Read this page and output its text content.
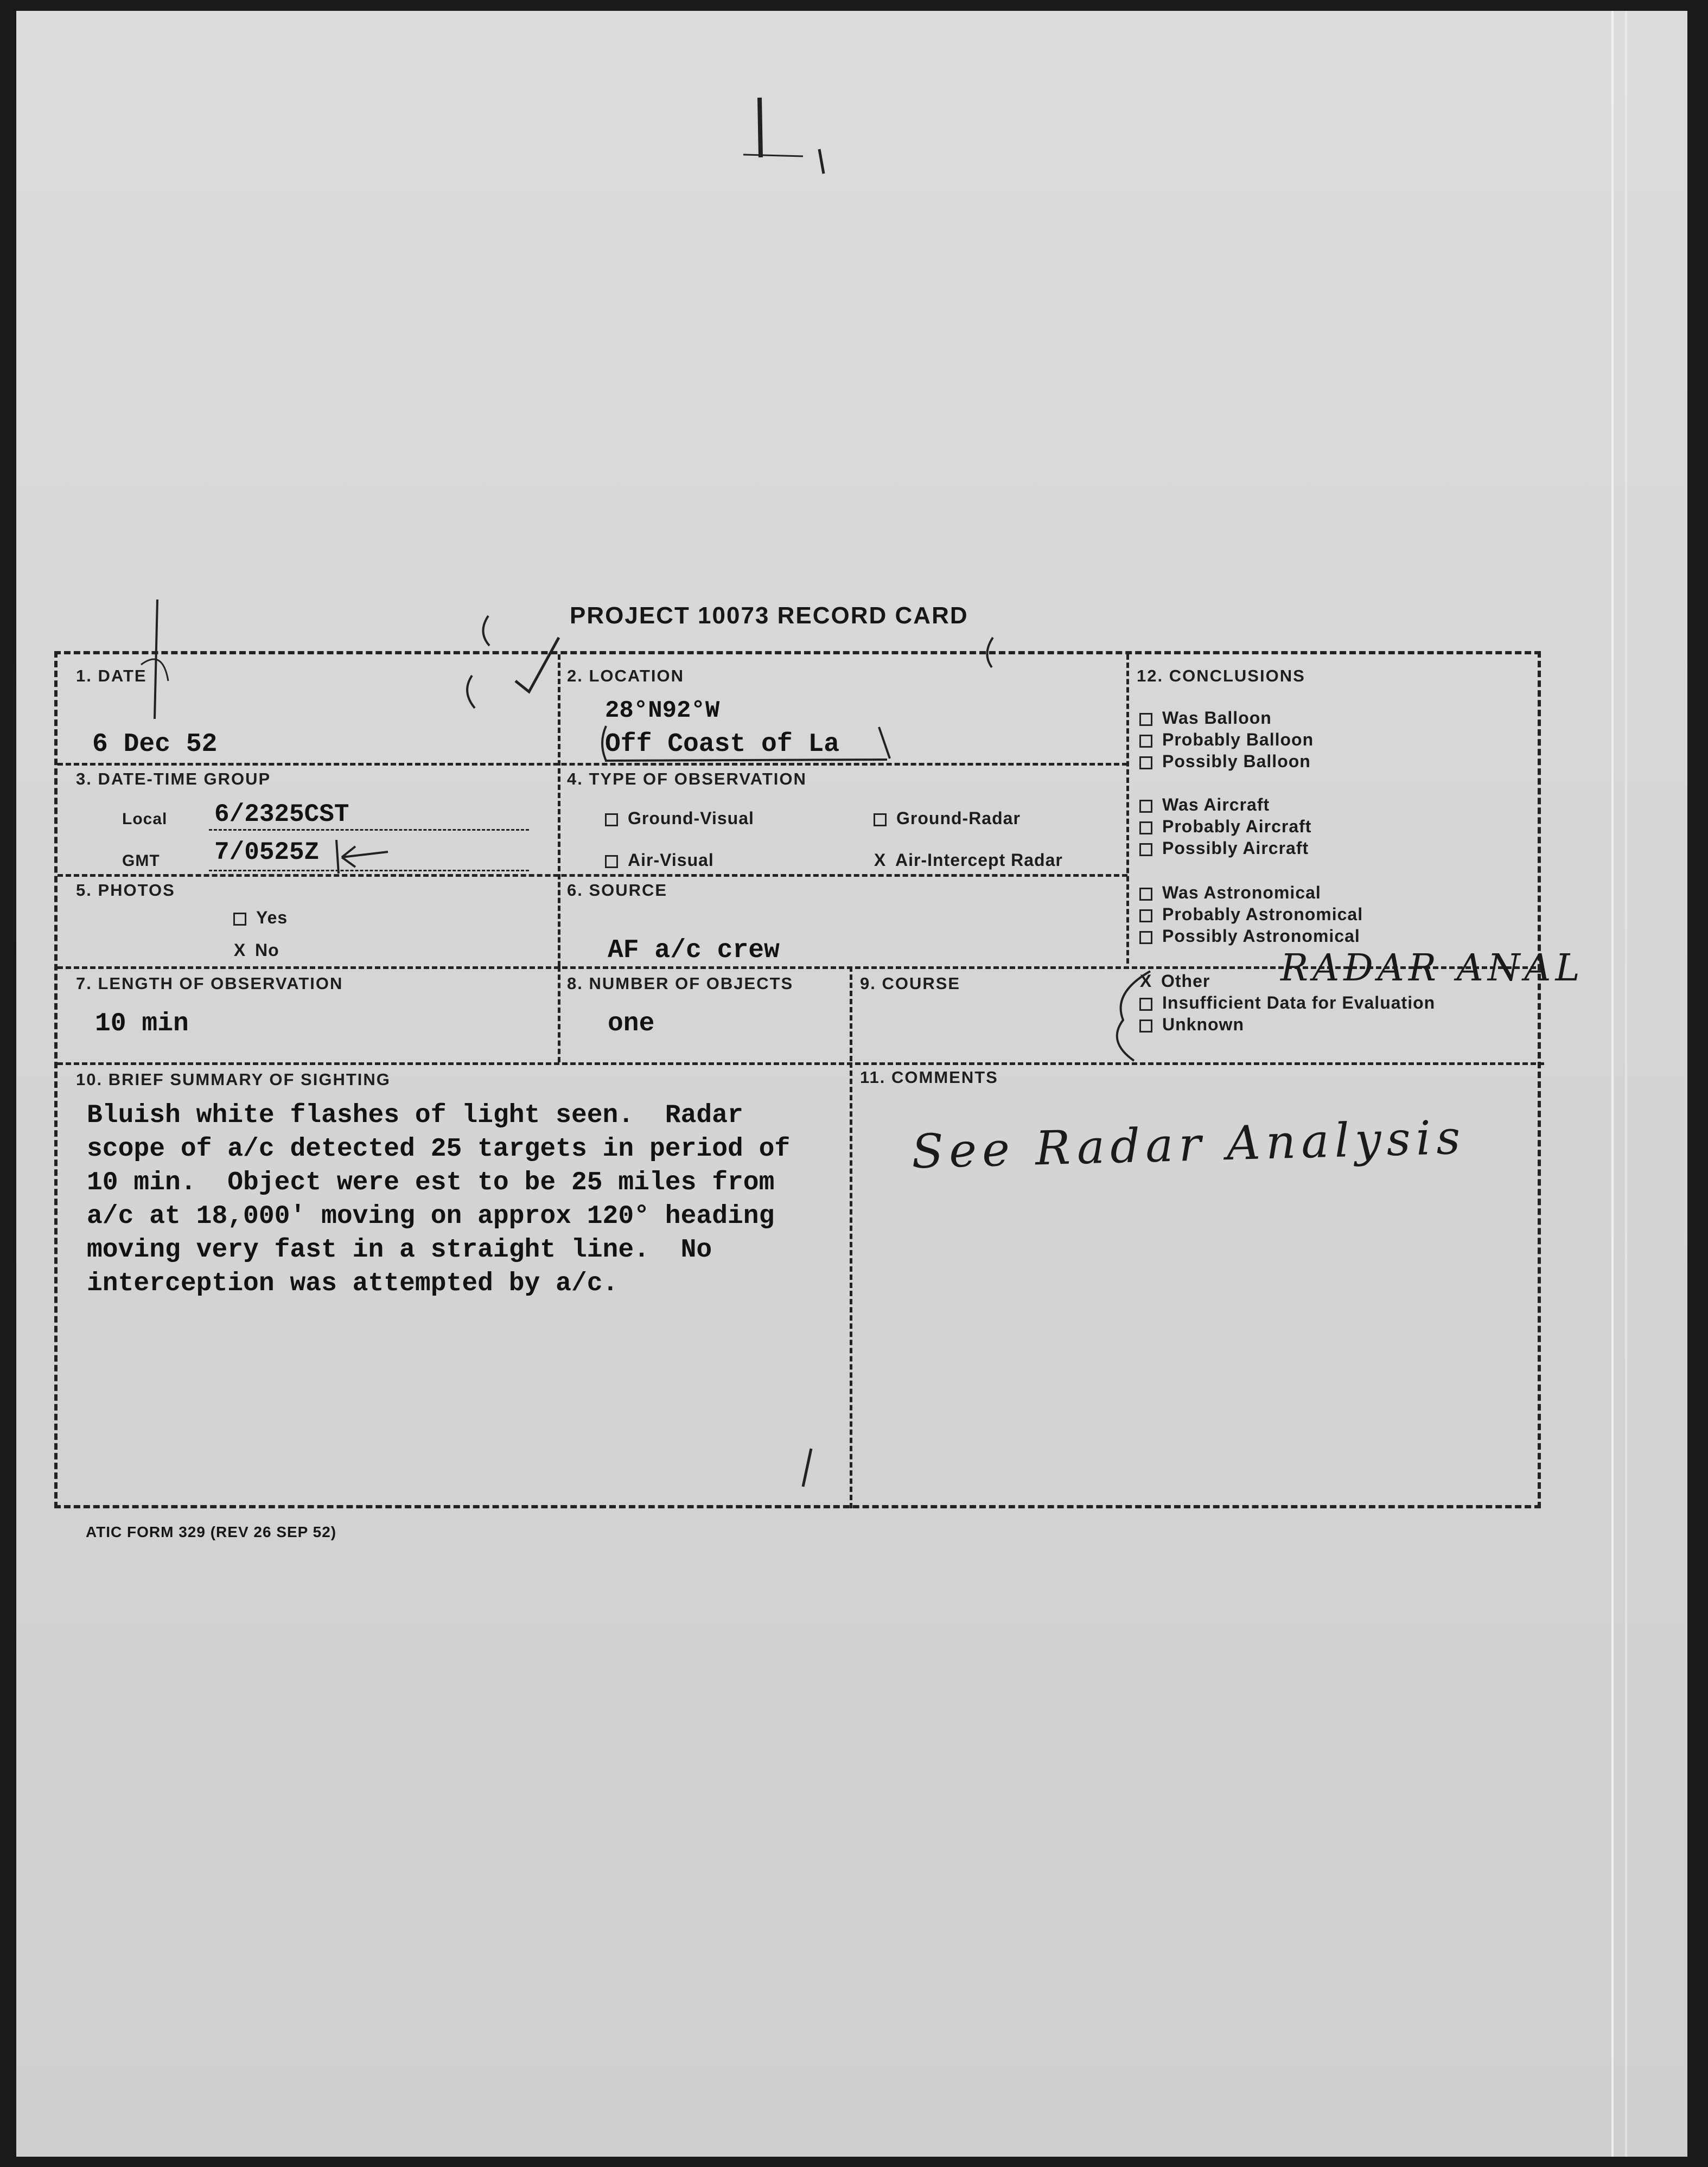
PROJECT 10073 RECORD CARD
1. DATE
6 Dec 52
2. LOCATION
28°N92°W
Off Coast of La
3. DATE-TIME GROUP
Local 6/2325CST
GMT 7/0525Z
4. TYPE OF OBSERVATION
Ground-Visual	Ground-Radar
Air-Visual	X Air-Intercept Radar
5. PHOTOS
Yes
X No
6. SOURCE
AF a/c crew
7. LENGTH OF OBSERVATION
10 min
8. NUMBER OF OBJECTS
one
9. COURSE
10. BRIEF SUMMARY OF SIGHTING
Bluish white flashes of light seen.  Radar
scope of a/c detected 25 targets in period of
10 min.  Object were est to be 25 miles from
a/c at 18,000' moving on approx 120° heading
moving very fast in a straight line.  No
interception was attempted by a/c.
11. COMMENTS
See Radar Analysis
12. CONCLUSIONS
Was Balloon
Probably Balloon
Possibly Balloon
Was Aircraft
Probably Aircraft
Possibly Aircraft
Was Astronomical
Probably Astronomical
Possibly Astronomical
X Other RADAR ANAL
Insufficient Data for Evaluation
Unknown
ATIC FORM 329 (REV 26 SEP 52)
